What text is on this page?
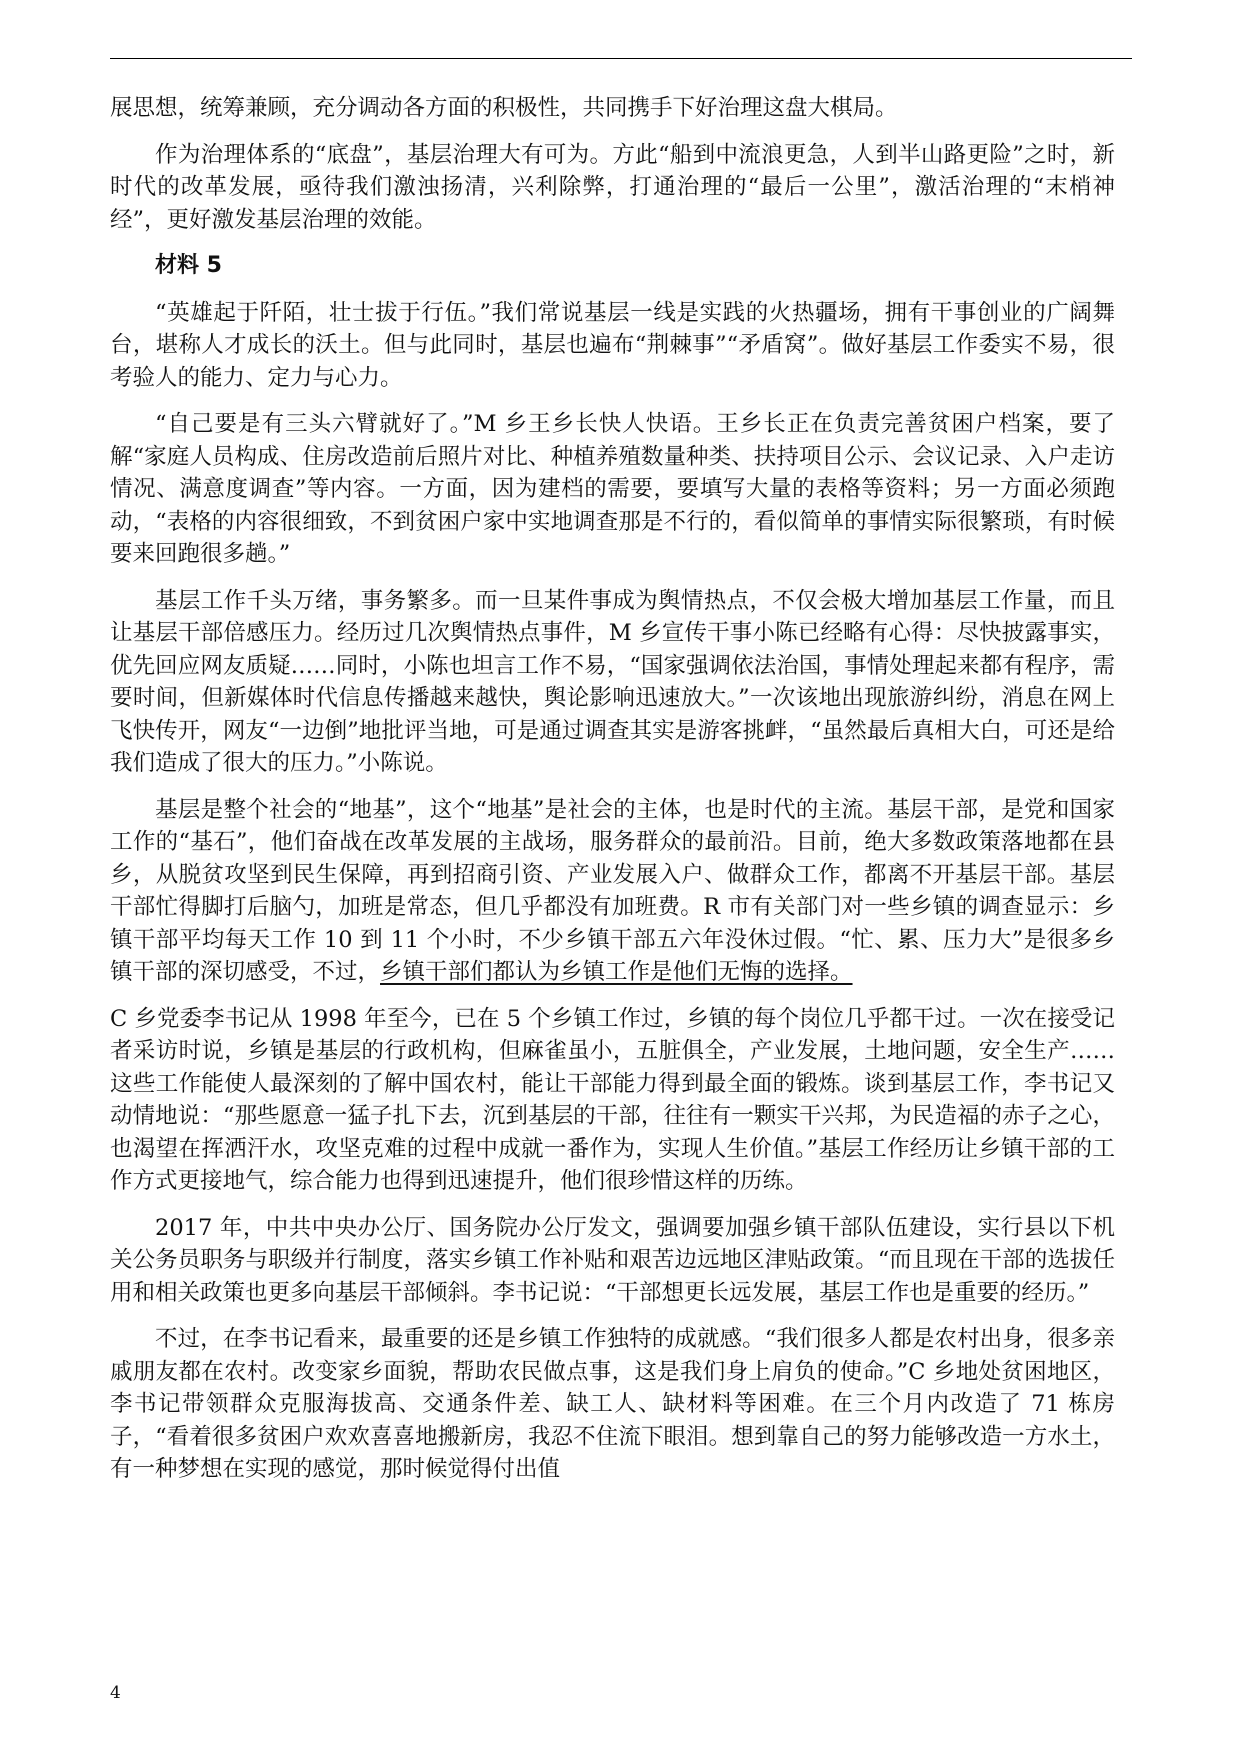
展思想，统筹兼顾，充分调动各方面的积极性，共同携手下好治理这盘大棋局。

作为治理体系的“底盘”，基层治理大有可为。方此“船到中流浪更急，人到半山路更险”之时，新时代的改革发展，亟待我们激浊扬清，兴利除弊，打通治理的“最后一公里”，激活治理的“末梢神经”，更好激发基层治理的效能。

材料 5

“英雄起于阡陌，壮士拔于行伍。”我们常说基层一线是实践的火热疆场，拥有干事创业的广阔舞台，堪称人才成长的沃土。但与此同时，基层也遍布“荆棘事”“矛盾窝”。做好基层工作委实不易，很考验人的能力、定力与心力。

“自己要是有三头六臂就好了。”M 乡王乡长快人快语。王乡长正在负责完善贫困户档案，要了解“家庭人员构成、住房改造前后照片对比、种植养殖数量种类、扶持项目公示、会议记录、入户走访情况、满意度调查”等内容。一方面，因为建档的需要，要填写大量的表格等资料；另一方面必须跑动，“表格的内容很细致，不到贫困户家中实地调查那是不行的，看似简单的事情实际很繁琐，有时候要来回跑很多趟。”

基层工作千头万绪，事务繁多。而一旦某件事成为舆情热点，不仅会极大增加基层工作量，而且让基层干部倍感压力。经历过几次舆情热点事件，M 乡宣传干事小陈已经略有心得：尽快披露事实，优先回应网友质疑……同时，小陈也坦言工作不易，“国家强调依法治国，事情处理起来都有程序，需要时间，但新媒体时代信息传播越来越快，舆论影响迅速放大。”一次该地出现旅游纠纷，消息在网上飞快传开，网友“一边倒”地批评当地，可是通过调查其实是游客挑衅，“虽然最后真相大白，可还是给我们造成了很大的压力。”小陈说。

基层是整个社会的“地基”，这个“地基”是社会的主体，也是时代的主流。基层干部，是党和国家工作的“基石”，他们奋战在改革发展的主战场，服务群众的最前沿。目前，绝大多数政策落地都在县乡，从脱贫攻坚到民生保障，再到招商引资、产业发展入户、做群众工作，都离不开基层干部。基层干部忙得脚打后脑勺，加班是常态，但几乎都没有加班费。R 市有关部门对一些乡镇的调查显示：乡镇干部平均每天工作 10 到 11 个小时，不少乡镇干部五六年没休过假。“忙、累、压力大”是很多乡镇干部的深切感受，不过，乡镇干部们都认为乡镇工作是他们无悔的选择。

C 乡党委李书记从 1998 年至今，已在 5 个乡镇工作过，乡镇的每个岗位几乎都干过。一次在接受记者采访时说，乡镇是基层的行政机构，但麻雀虽小，五脏俱全，产业发展，土地问题，安全生产……这些工作能使人最深刻的了解中国农村，能让干部能力得到最全面的锻炼。谈到基层工作，李书记又动情地说：“那些愿意一猛子扎下去，沉到基层的干部，往往有一颗实干兴邦，为民造福的赤子之心，也渴望在挥洒汗水，攻坚克难的过程中成就一番作为，实现人生价值。”基层工作经历让乡镇干部的工作方式更接地气，综合能力也得到迅速提升，他们很珍惜这样的历练。

2017 年，中共中央办公厅、国务院办公厅发文，强调要加强乡镇干部队伍建设，实行县以下机关公务员职务与职级并行制度，落实乡镇工作补贴和艰苦边远地区津贴政策。“而且现在干部的选拔任用和相关政策也更多向基层干部倾斜。李书记说：“干部想更长远发展，基层工作也是重要的经历。”

不过，在李书记看来，最重要的还是乡镇工作独特的成就感。“我们很多人都是农村出身，很多亲戚朋友都在农村。改变家乡面貌，帮助农民做点事，这是我们身上肩负的使命。”C 乡地处贫困地区，李书记带领群众克服海拔高、交通条件差、缺工人、缺材料等困难。在三个月内改造了 71 栋房子，“看着很多贫困户欢欢喜喜地搬新房，我忍不住流下眼泪。想到靠自己的努力能够改造一方水土，有一种梦想在实现的感觉，那时候觉得付出值

4
